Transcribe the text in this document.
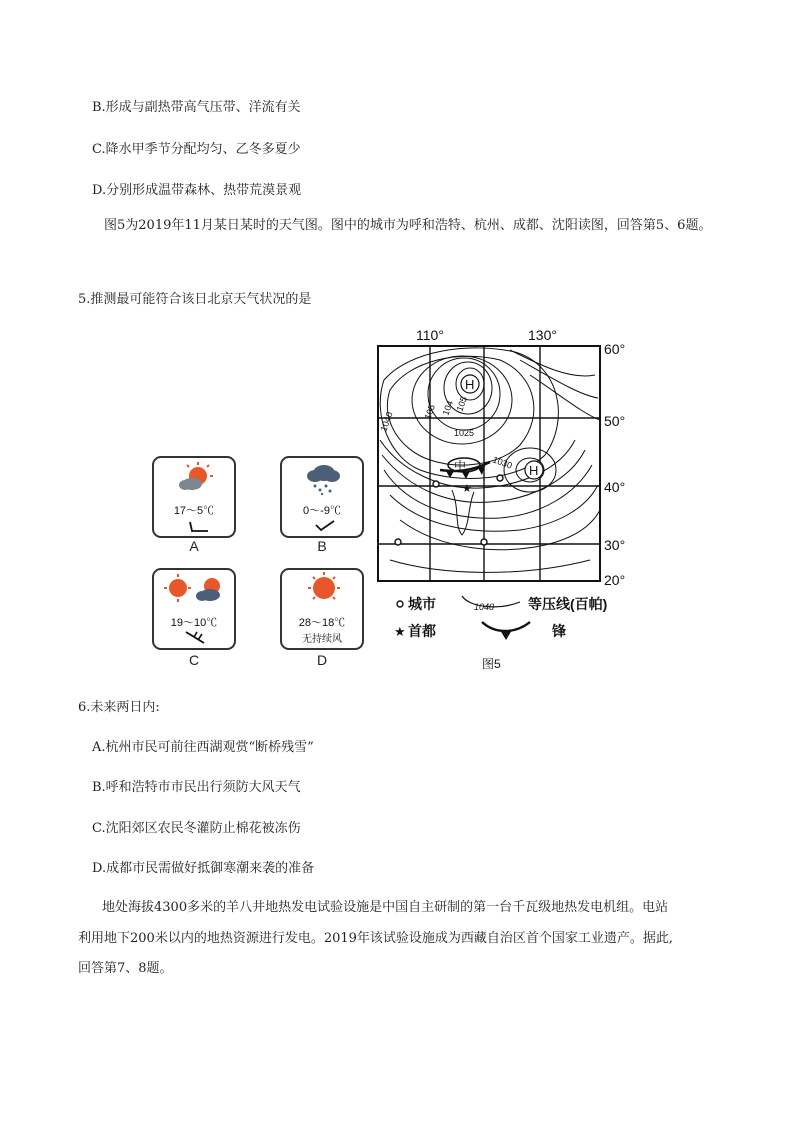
B.形成与副热带高气压带、洋流有关
C.降水甲季节分配均匀、乙冬多夏少
D.分别形成温带森林、热带荒漠景观
图5为2019年11月某日某时的天气图。图中的城市为呼和浩特、杭州、成都、沈阳读图，回答第5、6题。
5.推测最可能符合该日北京天气状况的是
17～5℃
A
0～-9℃
B
19～10℃
C
28～18℃
无持续风
D
110°	130°
60°
50°
40°
30°
20°
H
H
105
105 104
1040
1025
1030
中
★
城市	1040 等压线(百帕)
★ 首都	锋
图5
6.未来两日内:
A.杭州市民可前往西湖观赏“断桥残雪”
B.呼和浩特市市民出行须防大风天气
C.沈阳郊区农民冬灌防止棉花被冻伤
D.成都市民需做好抵御寒潮来袭的准备
地处海拔4300多米的羊八井地热发电试验设施是中国自主研制的第一台千瓦级地热发电机组。电站
利用地下200米以内的地热资源进行发电。2019年该试验设施成为西藏自治区首个国家工业遗产。据此,
回答第7、8题。
